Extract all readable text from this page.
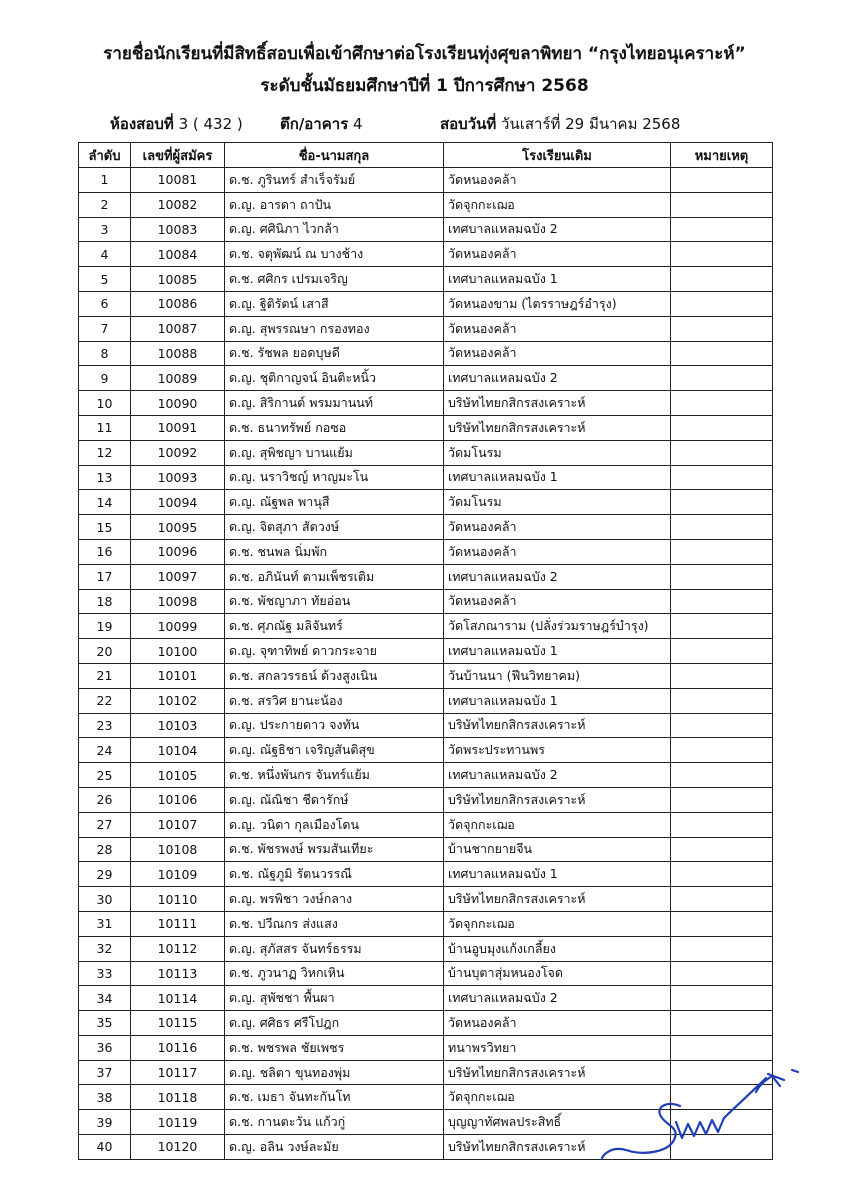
รายชื่อนักเรียนที่มีสิทธิ์สอบเพื่อเข้าศึกษาต่อโรงเรียนทุ่งศุขลาพิทยา “กรุงไทยอนุเคราะห์”
ระดับชั้นมัธยมศึกษาปีที่ 1 ปีการศึกษา 2568
ห้องสอบที่ 3 ( 432 ) ตึก/อาคาร 4	สอบวันที่ วันเสาร์ที่ 29 มีนาคม 2568
ลำดับ	เลขที่ผู้สมัคร	ชื่อ-นามสกุล	โรงเรียนเดิม	หมายเหตุ
1	10081	ด.ช. ภูรินทร์ สำเร็จรัมย์	วัดหนองคล้า	
2	10082	ด.ญ. อารดา ถาปัน	วัดจุกกะเฌอ	
3	10083	ด.ญ. ศศินิภา ไวกล้า	เทศบาลแหลมฉบัง 2	
4	10084	ด.ช. จตุพัฒน์ ณ บางช้าง	วัดหนองคล้า	
5	10085	ด.ช. ศศิกร เปรมเจริญ	เทศบาลแหลมฉบัง 1	
6	10086	ด.ญ. ฐิติรัตน์ เสาสี	วัดหนองขาม (ไตรราษฎร์อำรุง)	
7	10087	ด.ญ. สุพรรณษา กรองทอง	วัดหนองคล้า	
8	10088	ด.ช. รัชพล ยอดบุษดี	วัดหนองคล้า	
9	10089	ด.ญ. ชุติกาญจน์ อินติะหนิ้ว	เทศบาลแหลมฉบัง 2	
10	10090	ด.ญ. สิริกานต์ พรมมานนท์	บริษัทไทยกสิกรสงเคราะห์	
11	10091	ด.ช. ธนาทรัพย์ กอซอ	บริษัทไทยกสิกรสงเคราะห์	
12	10092	ด.ญ. สุพิชญา บานแย้ม	วัดมโนรม	
13	10093	ด.ญ. นราวิชญ์ หาญมะโน	เทศบาลแหลมฉบัง 1	
14	10094	ด.ญ. ณัฐพล พานุสี	วัดมโนรม	
15	10095	ด.ญ. จิตสุภา สัตวงษ์	วัดหนองคล้า	
16	10096	ด.ช. ชนพล นิ่มพัก	วัดหนองคล้า	
17	10097	ด.ช. อภินันท์ ตามเพ็ชรเติม	เทศบาลแหลมฉบัง 2	
18	10098	ด.ช. พัชญาภา ทัยอ่อน	วัดหนองคล้า	
19	10099	ด.ช. ศุภณัฐ มลิจันทร์	วัดโสภณาราม (ปลั่งร่วมราษฎร์บำรุง)	
20	10100	ด.ญ. จุฑาทิพย์ ดาวกระจาย	เทศบาลแหลมฉบัง 1	
21	10101	ด.ช. สกลวรรธน์ ด้วงสูงเนิน	วันบ้านนา (ฟีนวิทยาคม)	
22	10102	ด.ช. สรวิศ ยานะน้อง	เทศบาลแหลมฉบัง 1	
23	10103	ด.ญ. ประกายดาว จงทัน	บริษัทไทยกสิกรสงเคราะห์	
24	10104	ด.ญ. ณัฐธิชา เจริญสันติสุข	วัดพระประทานพร	
25	10105	ด.ช. หนึ่งพันกร จันทร์แย้ม	เทศบาลแหลมฉบัง 2	
26	10106	ด.ญ. ณัณิชา ชีดารักษ์	บริษัทไทยกสิกรสงเคราะห์	
27	10107	ด.ญ. วนิดา กุลเมืองโดน	วัดจุกกะเฌอ	
28	10108	ด.ช. พัชรพงษ์ พรมสันเทียะ	บ้านชากยายจีน	
29	10109	ด.ช. ณัฐภูมิ รัตนวรรณี	เทศบาลแหลมฉบัง 1	
30	10110	ด.ญ. พรพิชา วงษ์กลาง	บริษัทไทยกสิกรสงเคราะห์	
31	10111	ด.ช. ปวีณกร ส่งแสง	วัดจุกกะเฌอ	
32	10112	ด.ญ. สุภัสสร จันทร์ธรรม	บ้านอูบมุงแก้งเกลี้ยง	
33	10113	ด.ช. ภูวนาฏ วิหกเหิน	บ้านบุตาสุ่มหนองโจด	
34	10114	ด.ญ. สุพัชชา พื้นผา	เทศบาลแหลมฉบัง 2	
35	10115	ด.ญ. ศศิธร ศรีโปฎก	วัดหนองคล้า	
36	10116	ด.ช. พชรพล ชัยเพชร	ทนาพรวิทยา	
37	10117	ด.ญ. ชลิตา ขุนทองพุ่ม	บริษัทไทยกสิกรสงเคราะห์	
38	10118	ด.ช. เมธา จันทะกันโท	วัดจุกกะเฌอ	
39	10119	ด.ช. กานตะวัน แก้วกู่	บุญญาทัศพลประสิทธิ์	
40	10120	ด.ญ. อลิน วงษ์ละมัย	บริษัทไทยกสิกรสงเคราะห์	
